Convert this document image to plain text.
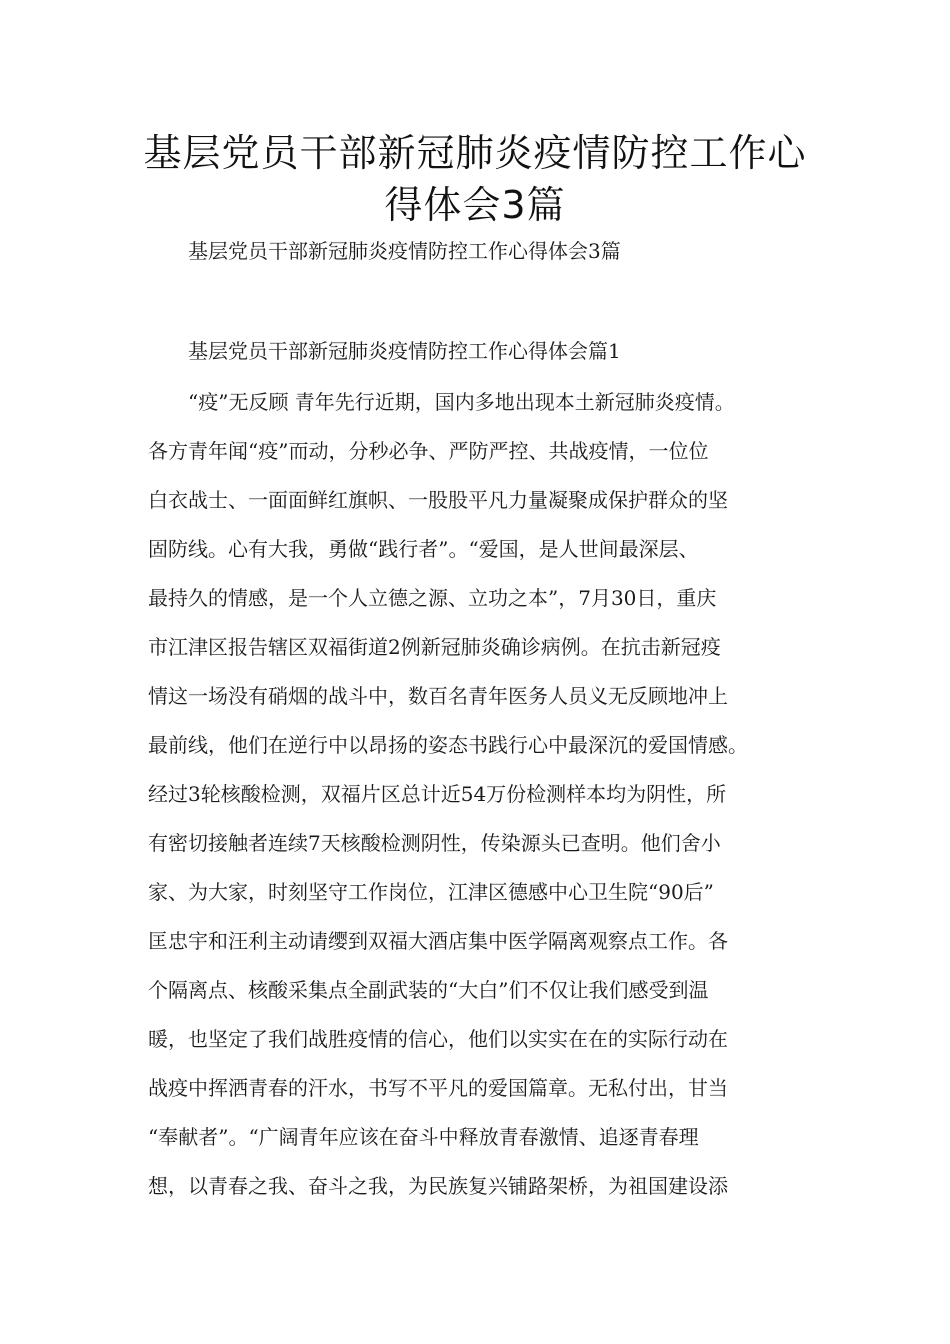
基层党员干部新冠肺炎疫情防控工作心
得体会3篇
基层党员干部新冠肺炎疫情防控工作心得体会3篇
基层党员干部新冠肺炎疫情防控工作心得体会篇1
“疫”无反顾 青年先行近期，国内多地出现本土新冠肺炎疫情。
各方青年闻“疫”而动，分秒必争、严防严控、共战疫情，一位位
白衣战士、一面面鲜红旗帜、一股股平凡力量凝聚成保护群众的坚
固防线。心有大我，勇做“践行者”。“爱国，是人世间最深层、
最持久的情感，是一个人立德之源、立功之本”，7月30日，重庆
市江津区报告辖区双福街道2例新冠肺炎确诊病例。在抗击新冠疫
情这一场没有硝烟的战斗中，数百名青年医务人员义无反顾地冲上
最前线，他们在逆行中以昂扬的姿态书践行心中最深沉的爱国情感。
经过3轮核酸检测，双福片区总计近54万份检测样本均为阴性，所
有密切接触者连续7天核酸检测阴性，传染源头已查明。他们舍小
家、为大家，时刻坚守工作岗位，江津区德感中心卫生院“90后”
匡忠宇和汪利主动请缨到双福大酒店集中医学隔离观察点工作。各
个隔离点、核酸采集点全副武装的“大白”们不仅让我们感受到温
暖，也坚定了我们战胜疫情的信心，他们以实实在在的实际行动在
战疫中挥洒青春的汗水，书写不平凡的爱国篇章。无私付出，甘当
“奉献者”。“广阔青年应该在奋斗中释放青春激情、追逐青春理
想，以青春之我、奋斗之我，为民族复兴铺路架桥，为祖国建设添
